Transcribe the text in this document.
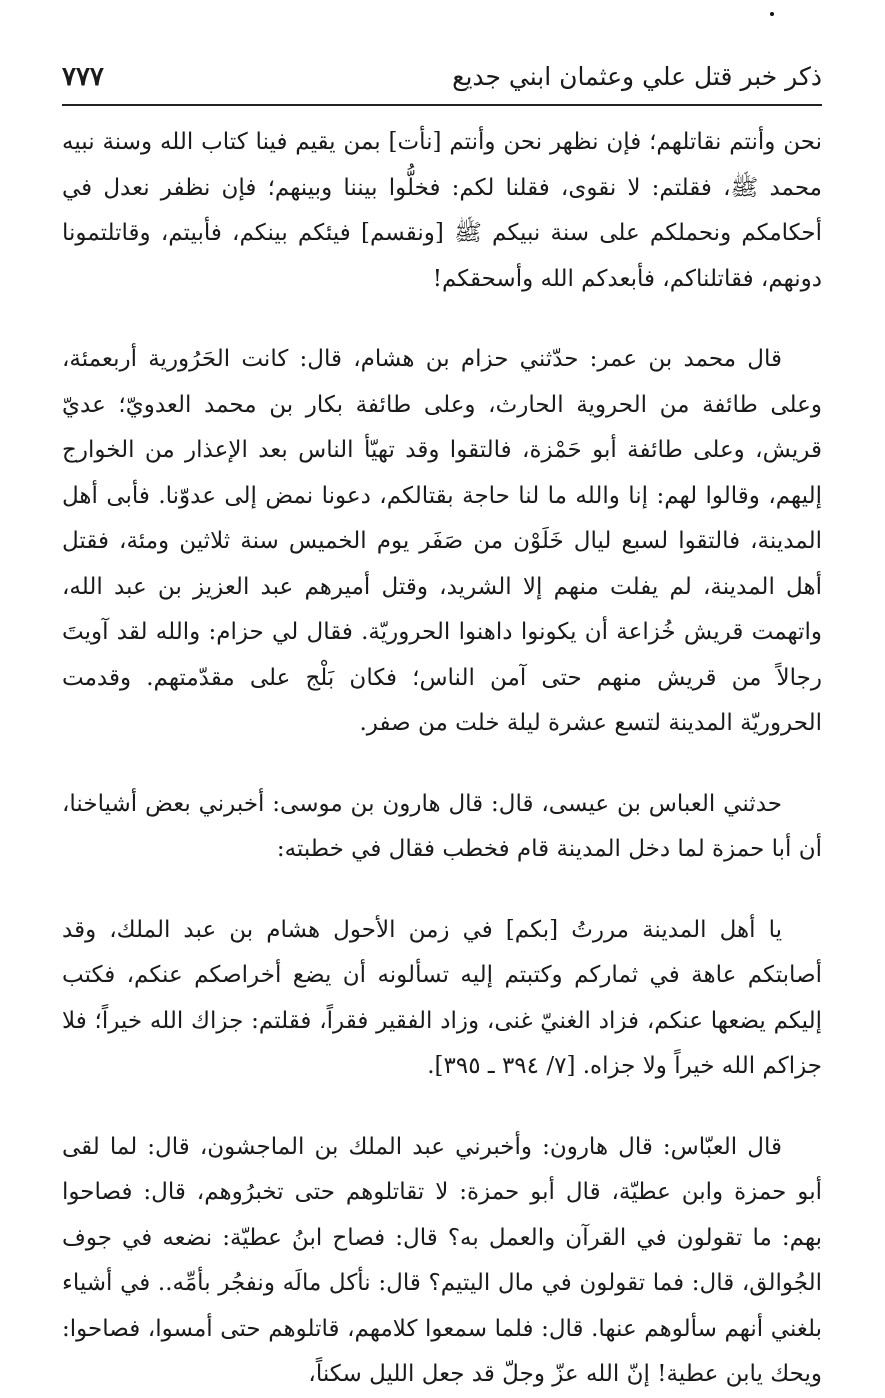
ذكر خبر قتل علي وعثمان ابني جديع
٧٧٧

نحن وأنتم نقاتلهم؛ فإن نظهر نحن وأنتم [نأت] بمن يقيم فينا كتاب الله وسنة نبيه محمد ﷺ، فقلتم: لا نقوى، فقلنا لكم: فخلُّوا بيننا وبينهم؛ فإن نظفر نعدل في أحكامكم ونحملكم على سنة نبيكم ﷺ [ونقسم] فيئكم بينكم، فأبيتم، وقاتلتمونا دونهم، فقاتلناكم، فأبعدكم الله وأسحقكم!

قال محمد بن عمر: حدّثني حزام بن هشام، قال: كانت الحَرُورية أربعمئة، وعلى طائفة من الحروية الحارث، وعلى طائفة بكار بن محمد العدويّ؛ عديّ قريش، وعلى طائفة أبو حَمْزة، فالتقوا وقد تهيّأ الناس بعد الإعذار من الخوارج إليهم، وقالوا لهم: إنا والله ما لنا حاجة بقتالكم، دعونا نمض إلى عدوّنا. فأبى أهل المدينة، فالتقوا لسبع ليال خَلَوْن من صَفَر يوم الخميس سنة ثلاثين ومئة، فقتل أهل المدينة، لم يفلت منهم إلا الشريد، وقتل أميرهم عبد العزيز بن عبد الله، واتهمت قريش خُزاعة أن يكونوا داهنوا الحروريّة. فقال لي حزام: والله لقد آويتَ رجالاً من قريش منهم حتى آمن الناس؛ فكان بَلْج على مقدّمتهم. وقدمت الحروريّة المدينة لتسع عشرة ليلة خلت من صفر.

حدثني العباس بن عيسى، قال: قال هارون بن موسى: أخبرني بعض أشياخنا، أن أبا حمزة لما دخل المدينة قام فخطب فقال في خطبته:

يا أهل المدينة مررتُ [بكم] في زمن الأحول هشام بن عبد الملك، وقد أصابتكم عاهة في ثماركم وكتبتم إليه تسألونه أن يضع أخراصكم عنكم، فكتب إليكم يضعها عنكم، فزاد الغنيّ غنى، وزاد الفقير فقراً، فقلتم: جزاك الله خيراً؛ فلا جزاكم الله خيراً ولا جزاه. [٧/ ٣٩٤ ـ ٣٩٥].

قال العبّاس: قال هارون: وأخبرني عبد الملك بن الماجشون، قال: لما لقى أبو حمزة وابن عطيّة، قال أبو حمزة: لا تقاتلوهم حتى تخبرُوهم، قال: فصاحوا بهم: ما تقولون في القرآن والعمل به؟ قال: فصاح ابنُ عطيّة: نضعه في جوف الجُوالق، قال: فما تقولون في مال اليتيم؟ قال: نأكل مالَه ونفجُر بأمِّه.. في أشياء بلغني أنهم سألوهم عنها. قال: فلما سمعوا كلامهم، قاتلوهم حتى أمسوا، فصاحوا: ويحك يابن عطية! إنّ الله عزّ وجلّ قد جعل الليل سكناً،
